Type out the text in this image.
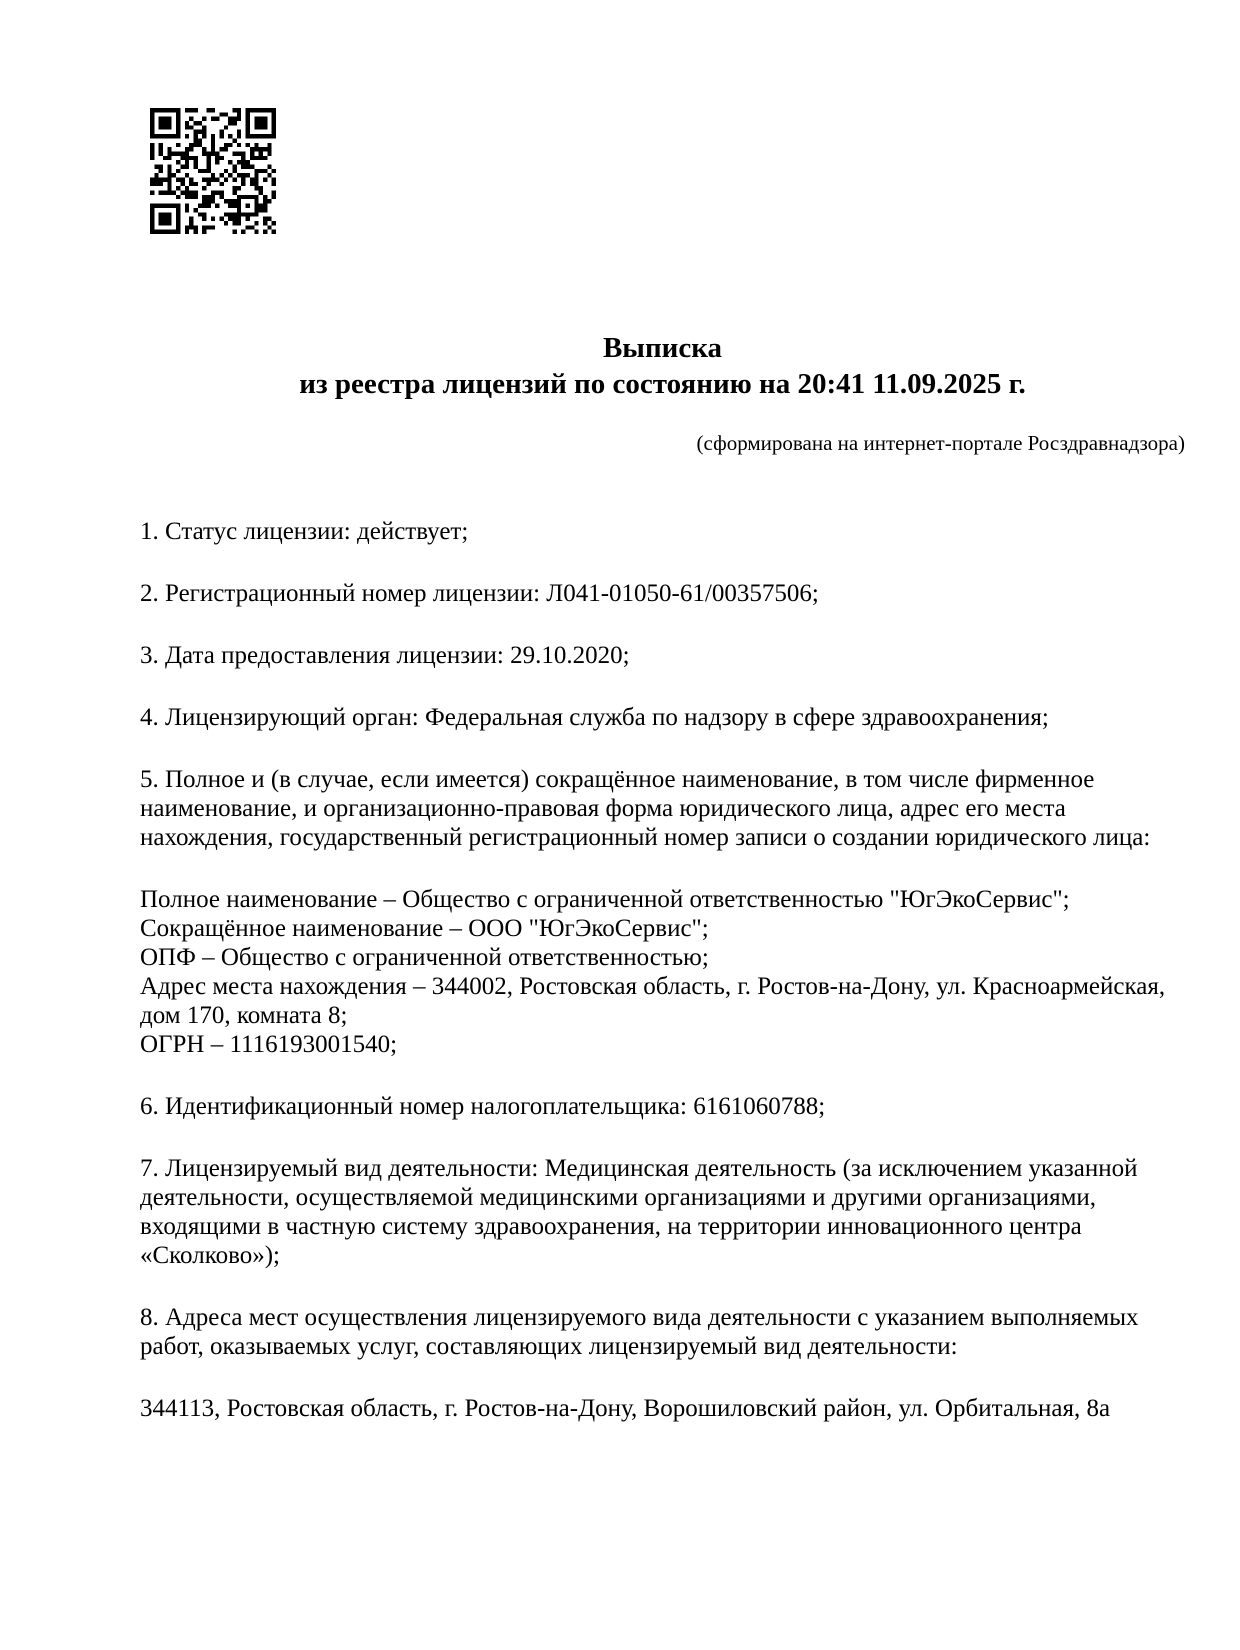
Выписка
из реестра лицензий по состоянию на 20:41 11.09.2025 г.
(сформирована на интернет-портале Росздравнадзора)

1. Статус лицензии: действует;

2. Регистрационный номер лицензии: Л041-01050-61/00357506;

3. Дата предоставления лицензии: 29.10.2020;

4. Лицензирующий орган: Федеральная служба по надзору в сфере здравоохранения;

5. Полное и (в случае, если имеется) сокращённое наименование, в том числе фирменное наименование, и организационно-правовая форма юридического лица, адрес его места нахождения, государственный регистрационный номер записи о создании юридического лица:

Полное наименование – Общество с ограниченной ответственностью "ЮгЭкоСервис";
Сокращённое наименование – ООО "ЮгЭкоСервис";
ОПФ – Общество с ограниченной ответственностью;
Адрес места нахождения – 344002, Ростовская область, г. Ростов-на-Дону, ул. Красноармейская, дом 170, комната 8;
ОГРН – 1116193001540;

6. Идентификационный номер налогоплательщика: 6161060788;

7. Лицензируемый вид деятельности: Медицинская деятельность (за исключением указанной деятельности, осуществляемой медицинскими организациями и другими организациями, входящими в частную систему здравоохранения, на территории инновационного центра «Сколково»);

8. Адреса мест осуществления лицензируемого вида деятельности с указанием выполняемых работ, оказываемых услуг, составляющих лицензируемый вид деятельности:

344113, Ростовская область, г. Ростов-на-Дону, Ворошиловский район, ул. Орбитальная, 8а
